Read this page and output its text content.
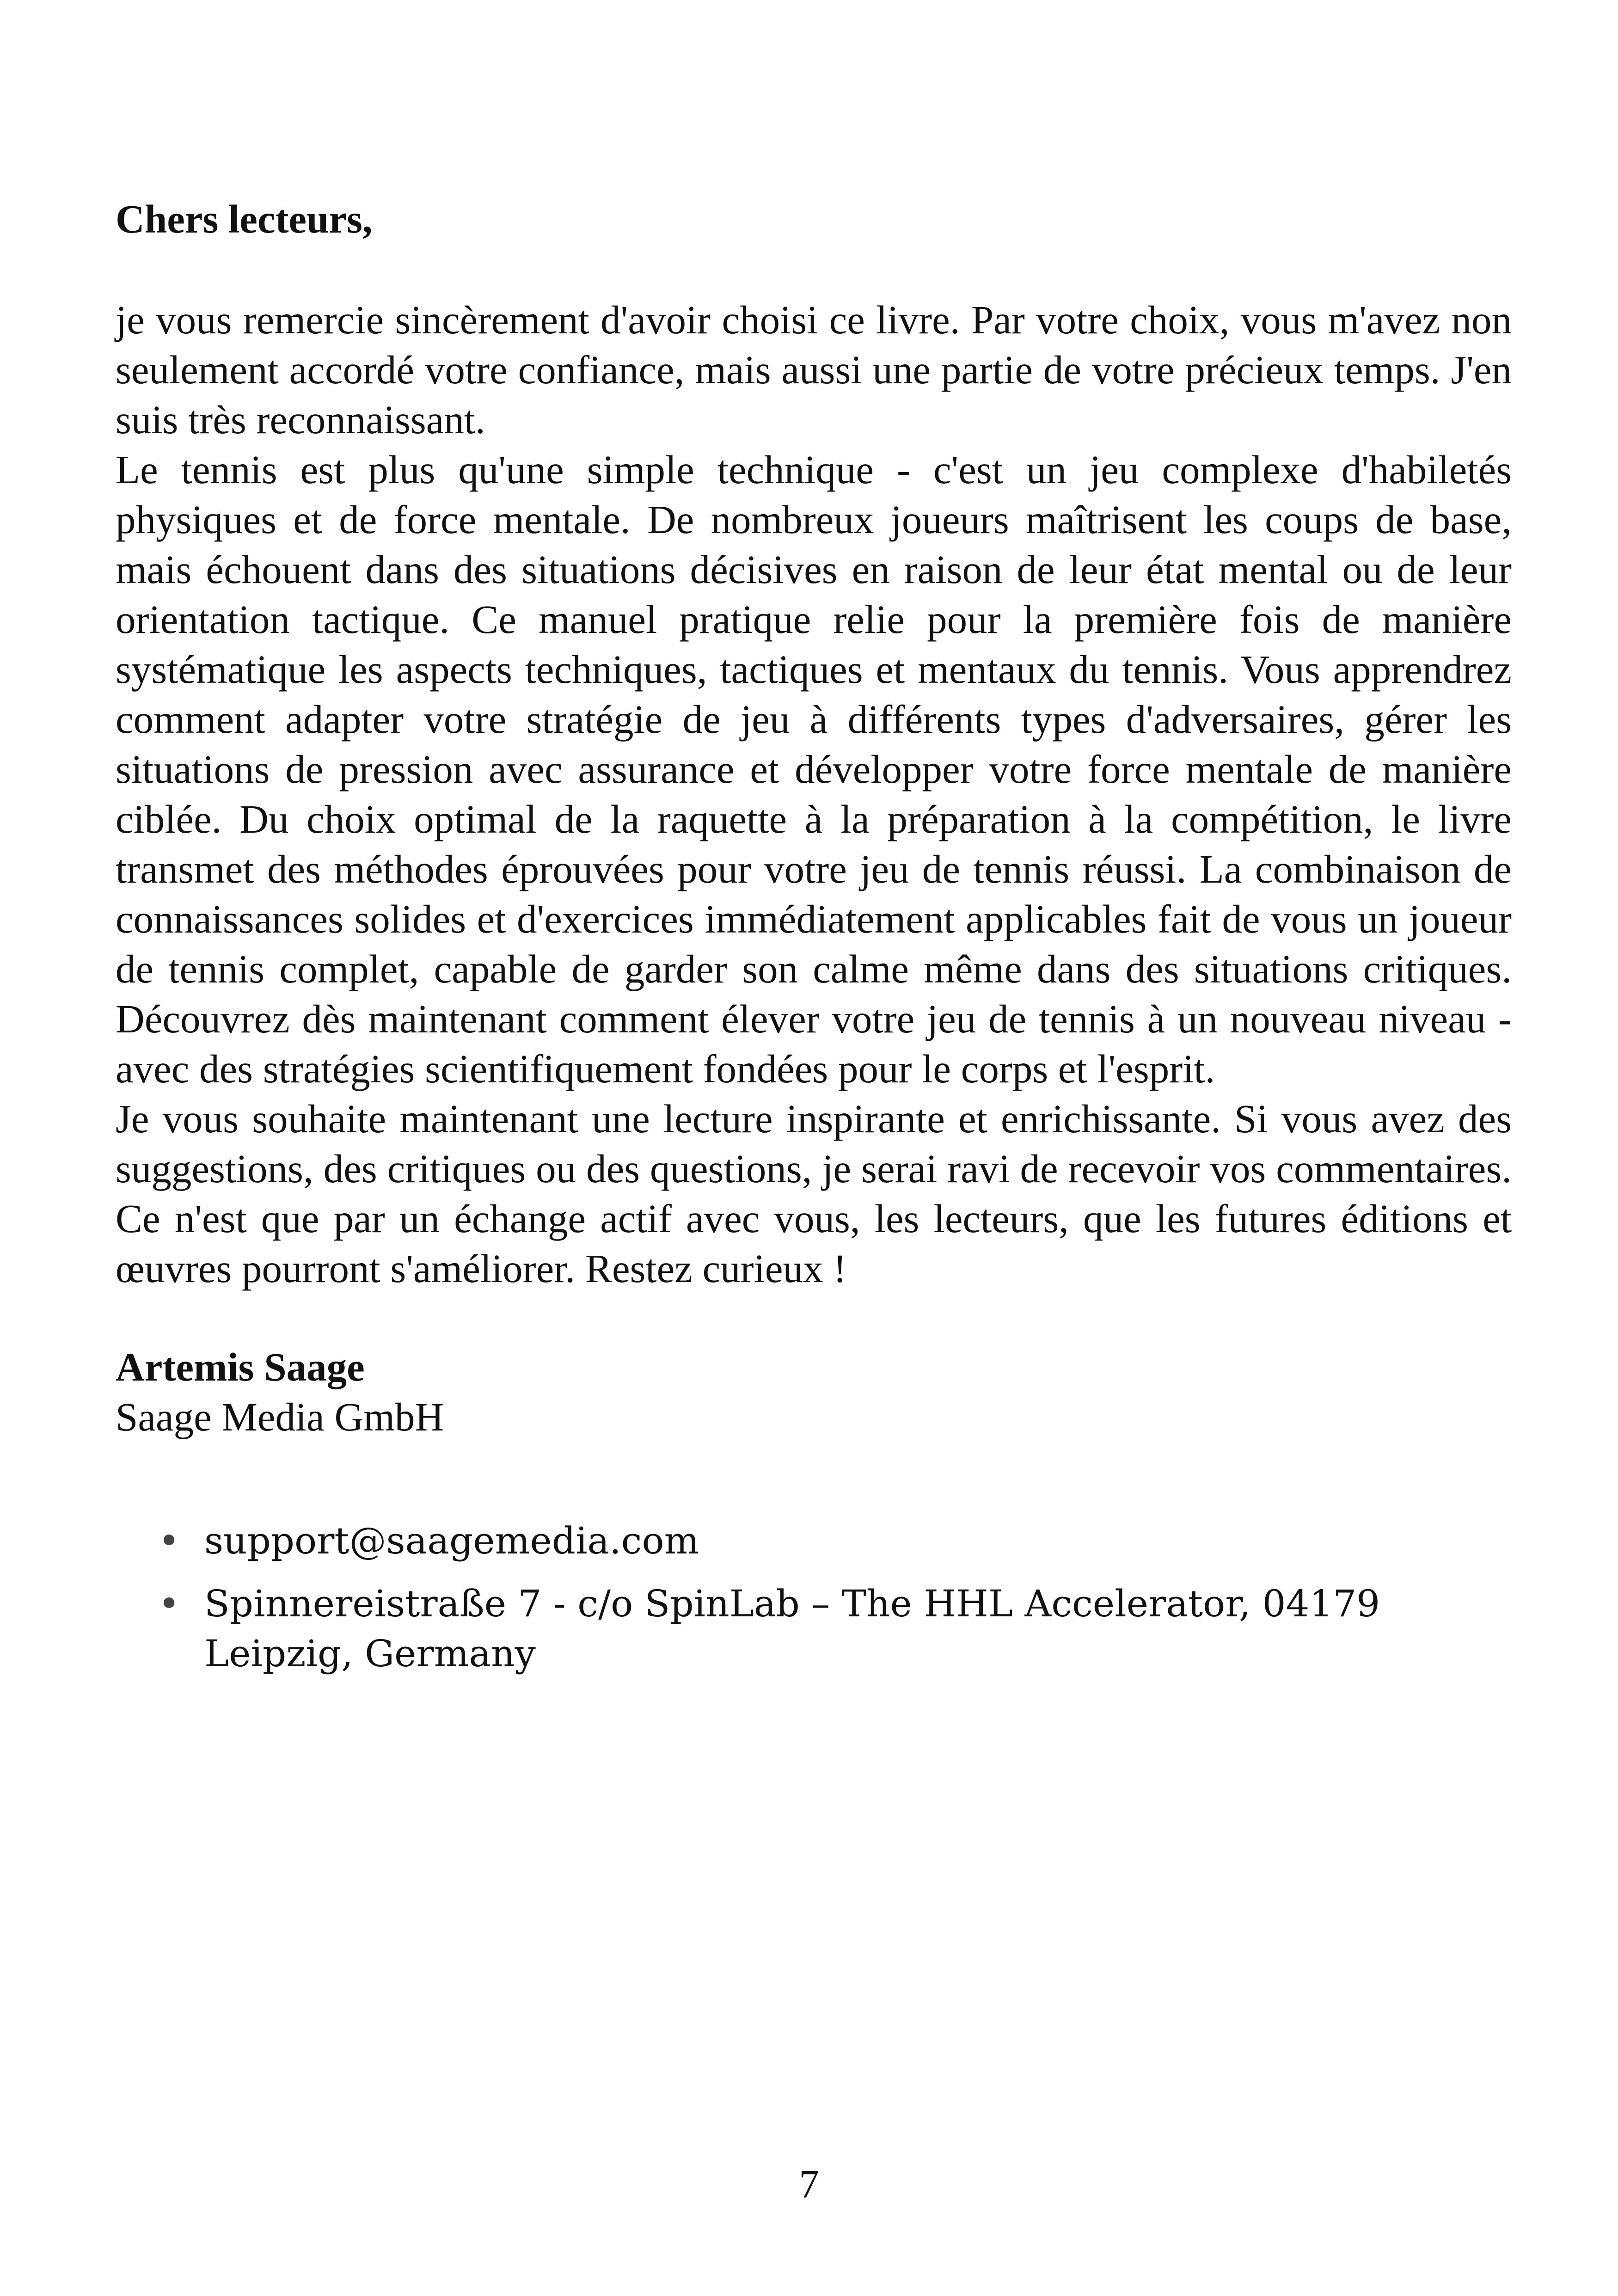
Chers lecteurs,

je vous remercie sincèrement d'avoir choisi ce livre. Par votre choix, vous m'avez non seulement accordé votre confiance, mais aussi une partie de votre précieux temps. J'en suis très reconnaissant.

Le tennis est plus qu'une simple technique - c'est un jeu complexe d'habiletés physiques et de force mentale. De nombreux joueurs maîtrisent les coups de base, mais échouent dans des situations décisives en raison de leur état mental ou de leur orientation tactique. Ce manuel pratique relie pour la première fois de manière systématique les aspects techniques, tactiques et mentaux du tennis. Vous apprendrez comment adapter votre stratégie de jeu à différents types d'adversaires, gérer les situations de pression avec assurance et développer votre force mentale de manière ciblée. Du choix optimal de la raquette à la préparation à la compétition, le livre transmet des méthodes éprouvées pour votre jeu de tennis réussi. La combinaison de connaissances solides et d'exercices immédiatement applicables fait de vous un joueur de tennis complet, capable de garder son calme même dans des situations critiques. Découvrez dès maintenant comment élever votre jeu de tennis à un nouveau niveau - avec des stratégies scientifiquement fondées pour le corps et l'esprit.

Je vous souhaite maintenant une lecture inspirante et enrichissante. Si vous avez des suggestions, des critiques ou des questions, je serai ravi de recevoir vos commentaires. Ce n'est que par un échange actif avec vous, les lecteurs, que les futures éditions et œuvres pourront s'améliorer. Restez curieux !

Artemis Saage
Saage Media GmbH
• support@saagemedia.com
• Spinnereistraße 7 - c/o SpinLab – The HHL Accelerator, 04179 Leipzig, Germany
7
